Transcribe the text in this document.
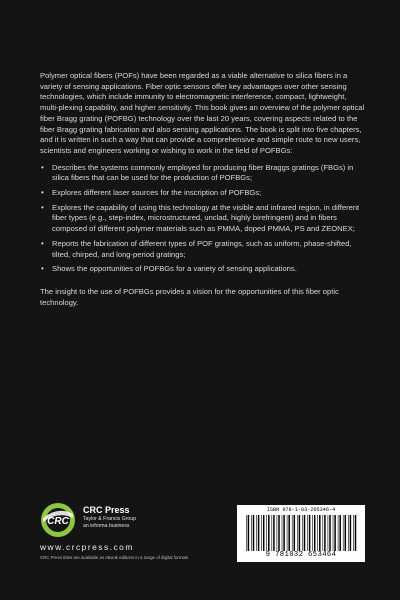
Polymer optical fibers (POFs) have been regarded as a viable alternative to silica fibers in a variety of sensing applications. Fiber optic sensors offer key advantages over other sensing technologies, which include immunity to electromagnetic interference, compact, lightweight, multi-plexing capability, and higher sensitivity. This book gives an overview of the polymer optical fiber Bragg grating (POFBG) technology over the last 20 years, covering aspects related to the fiber Bragg grating fabrication and also sensing applications. The book is split into five chapters, and it is written in such a way that can provide a comprehensive and simple route to new users, scientists and engineers working or wishing to work in the field of POFBGs:

• Describes the systems commonly employed for producing fiber Braggs gratings (FBGs) in silica fibers that can be used for the production of POFBGs;
• Explores different laser sources for the inscription of POFBGs;
• Explores the capability of using this technology at the visible and infrared region, in different fiber types (e.g., step-index, microstructured, unclad, highly birefringent) and in fibers composed of different polymer materials such as PMMA, doped PMMA, PS and ZEONEX;
• Reports the fabrication of different types of POF gratings, such as uniform, phase-shifted, tilted, chirped, and long-period gratings;
• Shows the opportunities of POFBGs for a variety of sensing applications.

The insight to the use of POFBGs provides a vision for the opportunities of this fiber optic technology.

CRC
CRC Press
Taylor & Francis Group
an informa business
www.crcpress.com
CRC Press titles are available as eBook editions in a range of digital formats
ISBN 978-1-03-265346-4
9 781032 653464
